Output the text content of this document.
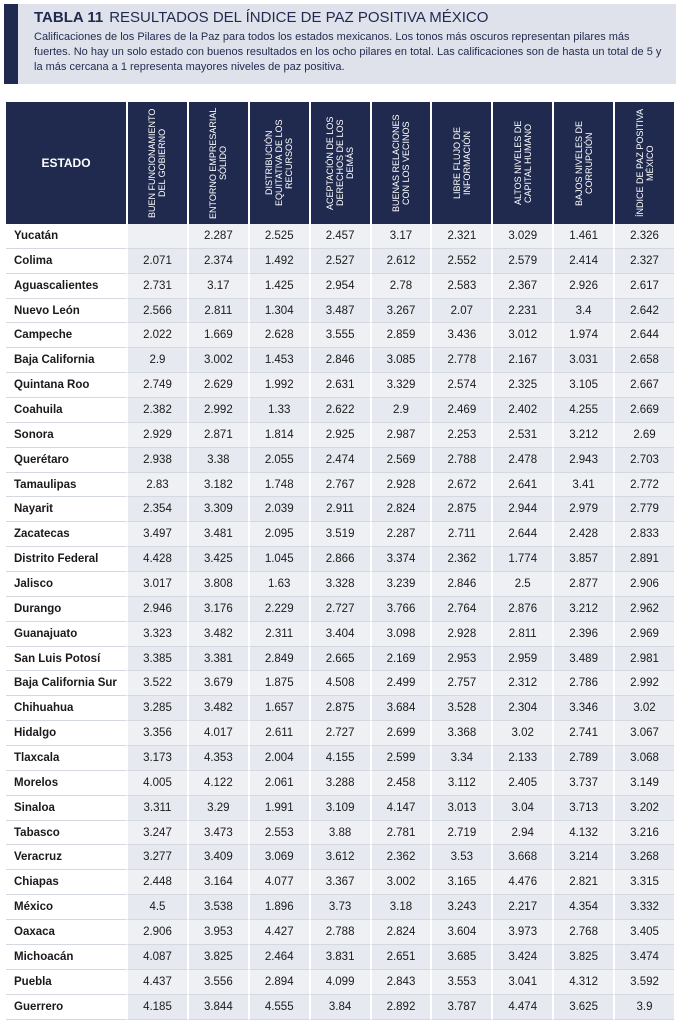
TABLA 11 RESULTADOS DEL ÍNDICE DE PAZ POSITIVA MÉXICO
Calificaciones de los Pilares de la Paz para todos los estados mexicanos. Los tonos más oscuros representan pilares más fuertes. No hay un solo estado con buenos resultados en los ocho pilares en total. Las calificaciones son de hasta un total de 5 y la más cercana a 1 representa mayores niveles de paz positiva.
ESTADO	BUEN FUNCIONAMIENTO DEL GOBIERNO	ENTORNO EMPRESARIAL SÓLIDO	DISTRIBUCIÓN EQUITATIVA DE LOS RECURSOS	ACEPTACIÓN DE LOS DERECHOS DE LOS DEMÁS	BUENAS RELACIONES CON LOS VECINOS	LIBRE FLUJO DE INFORMACIÓN	ALTOS NIVELES DE CAPITAL HUMANO	BAJOS NIVELES DE CORRUPCIÓN	ÍNDICE DE PAZ POSITIVA MÉXICO

Yucatán		2.287	2.525	2.457	3.17	2.321	3.029	1.461	2.326
Colima	2.071	2.374	1.492	2.527	2.612	2.552	2.579	2.414	2.327
Aguascalientes	2.731	3.17	1.425	2.954	2.78	2.583	2.367	2.926	2.617
Nuevo León	2.566	2.811	1.304	3.487	3.267	2.07	2.231	3.4	2.642
Campeche	2.022	1.669	2.628	3.555	2.859	3.436	3.012	1.974	2.644
Baja California	2.9	3.002	1.453	2.846	3.085	2.778	2.167	3.031	2.658
Quintana Roo	2.749	2.629	1.992	2.631	3.329	2.574	2.325	3.105	2.667
Coahuila	2.382	2.992	1.33	2.622	2.9	2.469	2.402	4.255	2.669
Sonora	2.929	2.871	1.814	2.925	2.987	2.253	2.531	3.212	2.69
Querétaro	2.938	3.38	2.055	2.474	2.569	2.788	2.478	2.943	2.703
Tamaulipas	2.83	3.182	1.748	2.767	2.928	2.672	2.641	3.41	2.772
Nayarit	2.354	3.309	2.039	2.911	2.824	2.875	2.944	2.979	2.779
Zacatecas	3.497	3.481	2.095	3.519	2.287	2.711	2.644	2.428	2.833
Distrito Federal	4.428	3.425	1.045	2.866	3.374	2.362	1.774	3.857	2.891
Jalisco	3.017	3.808	1.63	3.328	3.239	2.846	2.5	2.877	2.906
Durango	2.946	3.176	2.229	2.727	3.766	2.764	2.876	3.212	2.962
Guanajuato	3.323	3.482	2.311	3.404	3.098	2.928	2.811	2.396	2.969
San Luis Potosí	3.385	3.381	2.849	2.665	2.169	2.953	2.959	3.489	2.981
Baja California Sur	3.522	3.679	1.875	4.508	2.499	2.757	2.312	2.786	2.992
Chihuahua	3.285	3.482	1.657	2.875	3.684	3.528	2.304	3.346	3.02
Hidalgo	3.356	4.017	2.611	2.727	2.699	3.368	3.02	2.741	3.067
Tlaxcala	3.173	4.353	2.004	4.155	2.599	3.34	2.133	2.789	3.068
Morelos	4.005	4.122	2.061	3.288	2.458	3.112	2.405	3.737	3.149
Sinaloa	3.311	3.29	1.991	3.109	4.147	3.013	3.04	3.713	3.202
Tabasco	3.247	3.473	2.553	3.88	2.781	2.719	2.94	4.132	3.216
Veracruz	3.277	3.409	3.069	3.612	2.362	3.53	3.668	3.214	3.268
Chiapas	2.448	3.164	4.077	3.367	3.002	3.165	4.476	2.821	3.315
México	4.5	3.538	1.896	3.73	3.18	3.243	2.217	4.354	3.332
Oaxaca	2.906	3.953	4.427	2.788	2.824	3.604	3.973	2.768	3.405
Michoacán	4.087	3.825	2.464	3.831	2.651	3.685	3.424	3.825	3.474
Puebla	4.437	3.556	2.894	4.099	2.843	3.553	3.041	4.312	3.592
Guerrero	4.185	3.844	4.555	3.84	2.892	3.787	4.474	3.625	3.9
